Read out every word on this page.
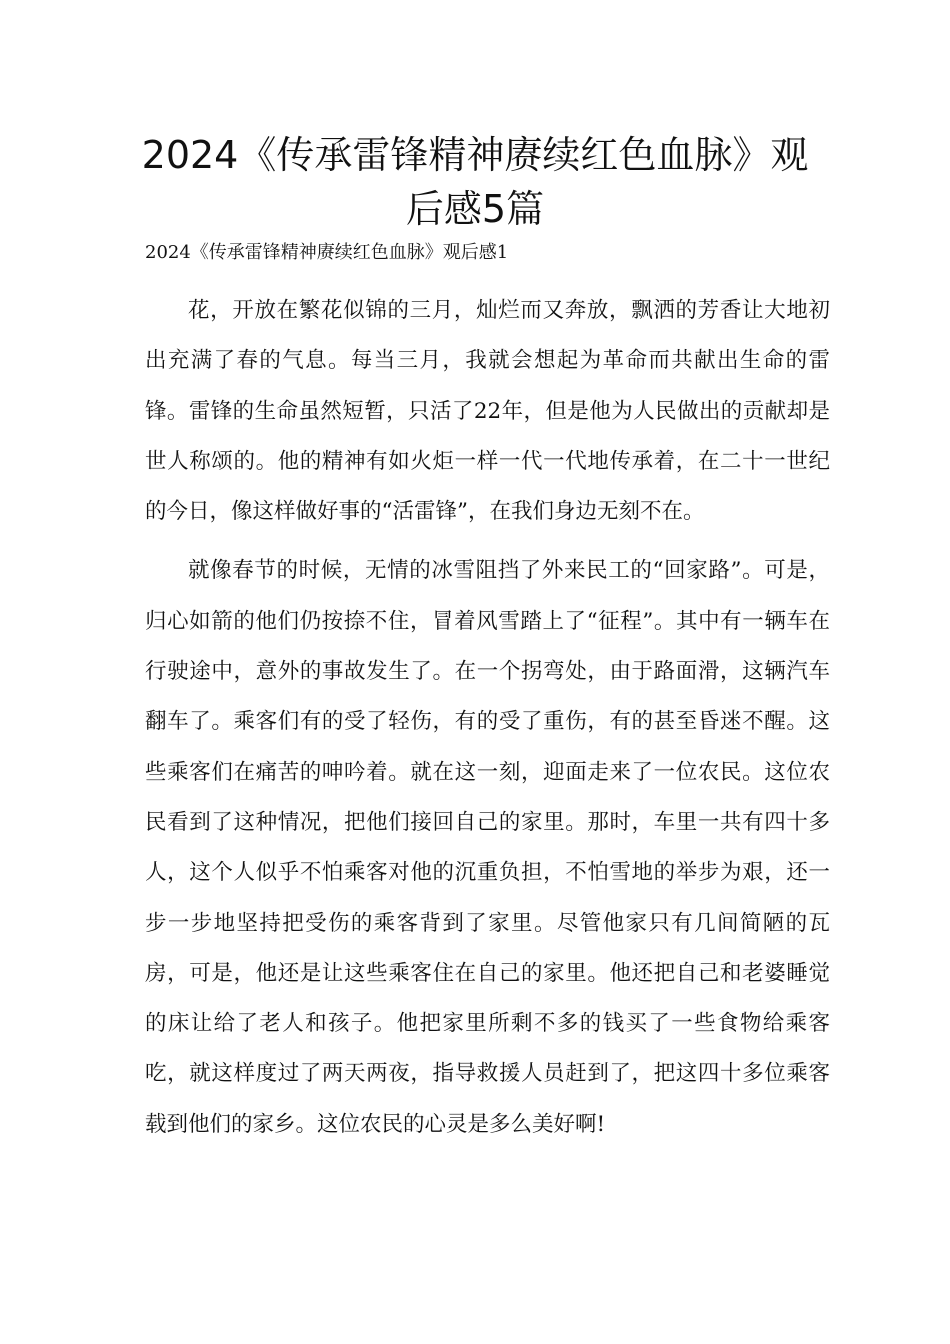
2024《传承雷锋精神赓续红色血脉》观
后感5篇
2024《传承雷锋精神赓续红色血脉》观后感1

花，开放在繁花似锦的三月，灿烂而又奔放，飘洒的芳香让大地初出充满了春的气息。每当三月，我就会想起为革命而共献出生命的雷锋。雷锋的生命虽然短暂，只活了22年，但是他为人民做出的贡献却是世人称颂的。他的精神有如火炬一样一代一代地传承着，在二十一世纪的今日，像这样做好事的“活雷锋”，在我们身边无刻不在。

就像春节的时候，无情的冰雪阻挡了外来民工的“回家路”。可是，归心如箭的他们仍按捺不住，冒着风雪踏上了“征程”。其中有一辆车在行驶途中，意外的事故发生了。在一个拐弯处，由于路面滑，这辆汽车翻车了。乘客们有的受了轻伤，有的受了重伤，有的甚至昏迷不醒。这些乘客们在痛苦的呻吟着。就在这一刻，迎面走来了一位农民。这位农民看到了这种情况，把他们接回自己的家里。那时，车里一共有四十多人，这个人似乎不怕乘客对他的沉重负担，不怕雪地的举步为艰，还一步一步地坚持把受伤的乘客背到了家里。尽管他家只有几间简陋的瓦房，可是，他还是让这些乘客住在自己的家里。他还把自己和老婆睡觉的床让给了老人和孩子。他把家里所剩不多的钱买了一些食物给乘客吃，就这样度过了两天两夜，指导救援人员赶到了，把这四十多位乘客载到他们的家乡。这位农民的心灵是多么美好啊!
